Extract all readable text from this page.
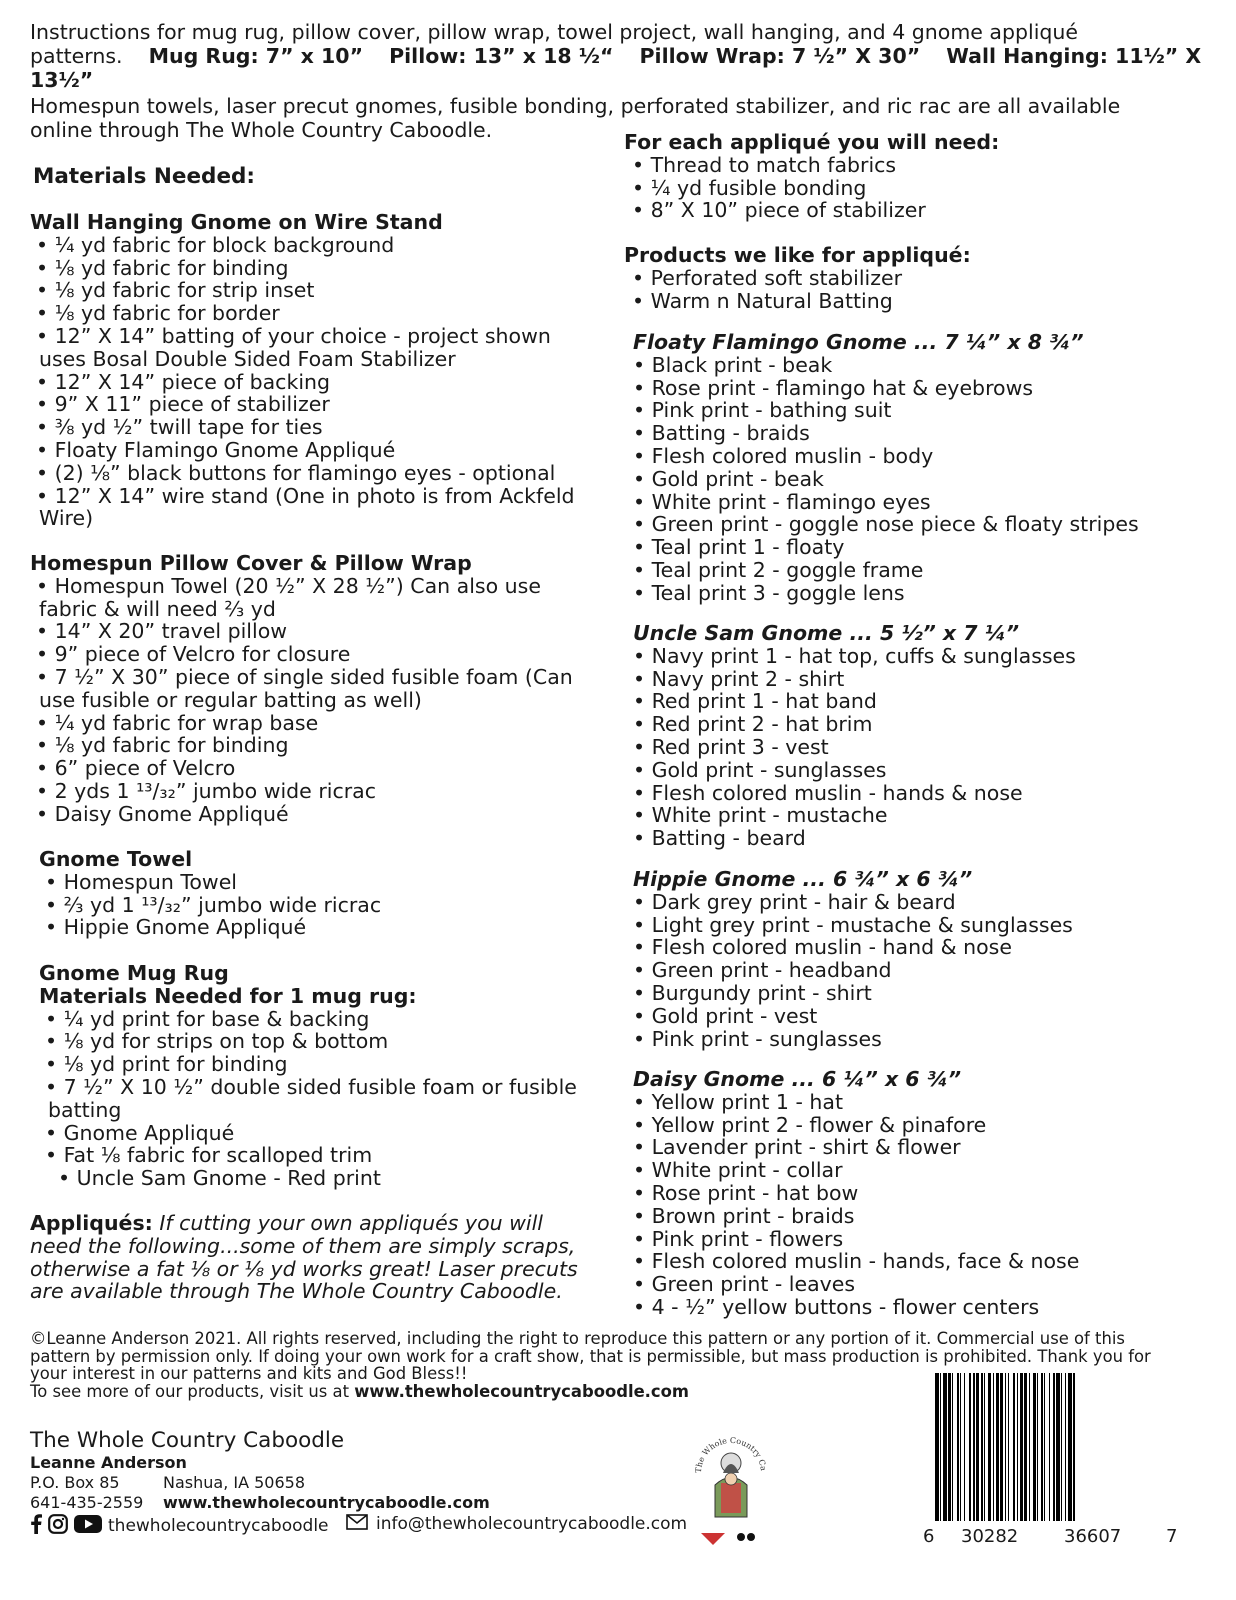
Instructions for mug rug, pillow cover, pillow wrap, towel project, wall hanging, and 4 gnome appliqué
patterns. Mug Rug: 7” x 10” Pillow: 13” x 18 ½“ Pillow Wrap: 7 ½” X 30” Wall Hanging: 11½” X 13½”
Homespun towels, laser precut gnomes, fusible bonding, perforated stabilizer, and ric rac are all available
online through The Whole Country Caboodle.
Materials Needed:
Wall Hanging Gnome on Wire Stand
• ¼ yd fabric for block background
• ⅛ yd fabric for binding
• ⅛ yd fabric for strip inset
• ⅛ yd fabric for border
• 12” X 14” batting of your choice - project shown
uses Bosal Double Sided Foam Stabilizer
• 12” X 14” piece of backing
• 9” X 11” piece of stabilizer
• ⅜ yd ½” twill tape for ties
• Floaty Flamingo Gnome Appliqué
• (2) ⅛” black buttons for flamingo eyes - optional
• 12” X 14” wire stand (One in photo is from Ackfeld
Wire)
Homespun Pillow Cover & Pillow Wrap
• Homespun Towel (20 ½” X 28 ½”) Can also use
fabric & will need ⅔ yd
• 14” X 20” travel pillow
• 9” piece of Velcro for closure
• 7 ½” X 30” piece of single sided fusible foam (Can
use fusible or regular batting as well)
• ¼ yd fabric for wrap base
• ⅛ yd fabric for binding
• 6” piece of Velcro
• 2 yds 1 ¹³/₃₂” jumbo wide ricrac
• Daisy Gnome Appliqué
Gnome Towel
• Homespun Towel
• ⅔ yd 1 ¹³/₃₂” jumbo wide ricrac
• Hippie Gnome Appliqué
Gnome Mug Rug
Materials Needed for 1 mug rug:
• ¼ yd print for base & backing
• ⅛ yd for strips on top & bottom
• ⅛ yd print for binding
• 7 ½” X 10 ½” double sided fusible foam or fusible
batting
• Gnome Appliqué
• Fat ⅛ fabric for scalloped trim
• Uncle Sam Gnome - Red print
Appliqués: If cutting your own appliqués you will
need the following...some of them are simply scraps,
otherwise a fat ⅛ or ⅛ yd works great! Laser precuts
are available through The Whole Country Caboodle.
For each appliqué you will need:
• Thread to match fabrics
• ¼ yd fusible bonding
• 8” X 10” piece of stabilizer
Products we like for appliqué:
• Perforated soft stabilizer
• Warm n Natural Batting
Floaty Flamingo Gnome ... 7 ¼” x 8 ¾”
• Black print - beak
• Rose print - flamingo hat & eyebrows
• Pink print - bathing suit
• Batting - braids
• Flesh colored muslin - body
• Gold print - beak
• White print - flamingo eyes
• Green print - goggle nose piece & floaty stripes
• Teal print 1 - floaty
• Teal print 2 - goggle frame
• Teal print 3 - goggle lens
Uncle Sam Gnome ... 5 ½” x 7 ¼”
• Navy print 1 - hat top, cuffs & sunglasses
• Navy print 2 - shirt
• Red print 1 - hat band
• Red print 2 - hat brim
• Red print 3 - vest
• Gold print - sunglasses
• Flesh colored muslin - hands & nose
• White print - mustache
• Batting - beard
Hippie Gnome ... 6 ¾” x 6 ¾”
• Dark grey print - hair & beard
• Light grey print - mustache & sunglasses
• Flesh colored muslin - hand & nose
• Green print - headband
• Burgundy print - shirt
• Gold print - vest
• Pink print - sunglasses
Daisy Gnome ... 6 ¼” x 6 ¾”
• Yellow print 1 - hat
• Yellow print 2 - flower & pinafore
• Lavender print - shirt & flower
• White print - collar
• Rose print - hat bow
• Brown print - braids
• Pink print - flowers
• Flesh colored muslin - hands, face & nose
• Green print - leaves
• 4 - ½” yellow buttons - flower centers
©Leanne Anderson 2021. All rights reserved, including the right to reproduce this pattern or any portion of it. Commercial use of this
pattern by permission only. If doing your own work for a craft show, that is permissible, but mass production is prohibited. Thank you for
your interest in our patterns and kits and God Bless!!
To see more of our products, visit us at www.thewholecountrycaboodle.com
The Whole Country Caboodle
Leanne Anderson
P.O. Box 85	Nashua, IA 50658
641-435-2559 www.thewholecountrycaboodle.com
thewholecountrycaboodle	info@thewholecountrycaboodle.com
The Whole Country Ca
6 30282	36607 7
